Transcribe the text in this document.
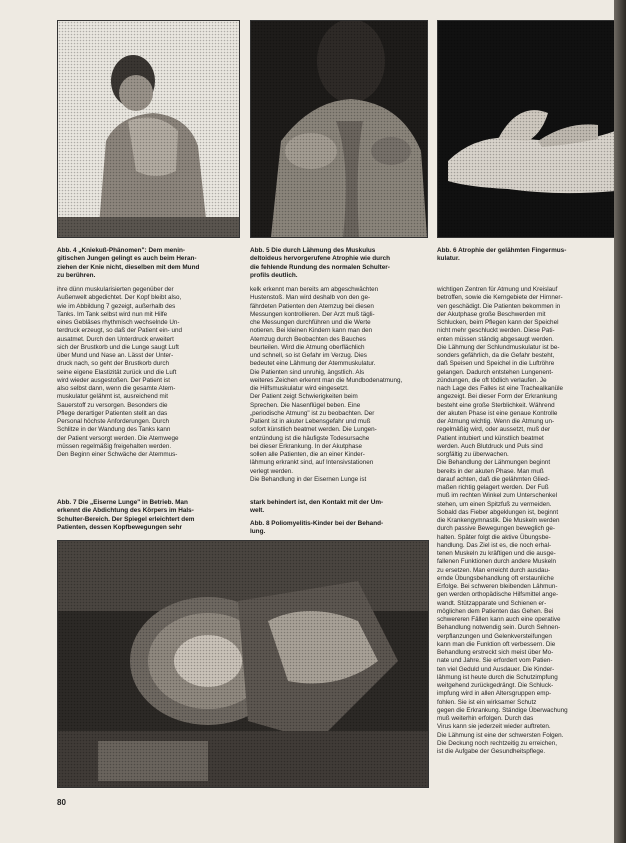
Abb. 4 „Kniekuß-Phänomen": Dem menin-
gitischen Jungen gelingt es auch beim Heran-
ziehen der Knie nicht, dieselben mit dem Mund
zu berühren.
Abb. 5 Die durch Lähmung des Muskulus
deltoideus hervorgerufene Atrophie wie durch
die fehlende Rundung des normalen Schulter-
profils deutlich.
Abb. 6 Atrophie der gelähmten Fingermus-
kulatur.
ihre dünn muskularisierten gegenüber der
Außenwelt abgedichtet. Der Kopf bleibt also,
wie im Abbildung 7 gezeigt, außerhalb des
Tanks. Im Tank selbst wird nun mit Hilfe
eines Gebläses rhythmisch wechselnde Un-
terdruck erzeugt, so daß der Patient ein- und
ausatmet. Durch den Unterdruck erweitert
sich der Brustkorb und die Lunge saugt Luft
über Mund und Nase an. Lässt der Unter-
druck nach, so geht der Brustkorb durch
seine eigene Elastizität zurück und die Luft
wird wieder ausgestoßen. Der Patient ist
also selbst dann, wenn die gesamte Atem-
muskulatur gelähmt ist, ausreichend mit
Sauerstoff zu versorgen. Besonders die
Pflege derartiger Patienten stellt an das
Personal höchste Anforderungen. Durch
Schlitze in der Wandung des Tanks kann
der Patient versorgt werden. Die Atemwege
müssen regelmäßig freigehalten werden.
Den Beginn einer Schwäche der Atemmus-
kelk erkennt man bereits am abgeschwächten
Hustenstoß. Man wird deshalb von den ge-
fährdeten Patienten den Atemzug bei diesen
Messungen kontrollieren. Der Arzt muß tägli-
che Messungen durchführen und die Werte
notieren. Bei kleinen Kindern kann man den
Atemzug durch Beobachten des Bauches
beurteilen. Wird die Atmung oberflächlich
und schnell, so ist Gefahr im Verzug. Dies
bedeutet eine Lähmung der Atemmuskulatur.
Die Patienten sind unruhig, ängstlich. Als
weiteres Zeichen erkennt man die Mundbodenatmung,
die Hilfsmuskulatur wird eingesetzt.
Der Patient zeigt Schwierigkeiten beim
Sprechen. Die Nasenflügel beben. Eine
„periodische Atmung" ist zu beobachten. Der
Patient ist in akuter Lebensgefahr und muß
sofort künstlich beatmet werden. Die Lungen-
entzündung ist die häufigste Todesursache
bei dieser Erkrankung. In der Akutphase
sollen alle Patienten, die an einer Kinder-
lähmung erkrankt sind, auf Intensivstationen
verlegt werden.
Die Behandlung in der Eisernen Lunge ist

wichtigen Zentren für Atmung und Kreislauf
betroffen, sowie die Kerngebiete der Hirnner-
ven geschädigt. Die Patienten bekommen in
der Akutphase große Beschwerden mit
Schlucken, beim Pflegen kann der Speichel
nicht mehr geschluckt werden. Diese Pati-
enten müssen ständig abgesaugt werden.
Die Lähmung der Schlundmuskulatur ist be-
sonders gefährlich, da die Gefahr besteht,
daß Speisen und Speichel in die Luftröhre
gelangen. Dadurch entstehen Lungenent-
zündungen, die oft tödlich verlaufen. Je
nach Lage des Falles ist eine Trachealkanüle
angezeigt. Bei dieser Form der Erkrankung
besteht eine große Sterblichkeit. Während
der akuten Phase ist eine genaue Kontrolle
der Atmung wichtig. Wenn die Atmung un-
regelmäßig wird, oder aussetzt, muß der
Patient intubiert und künstlich beatmet
werden. Auch Blutdruck und Puls sind
sorgfältig zu überwachen.
Die Behandlung der Lähmungen beginnt
bereits in der akuten Phase. Man muß
darauf achten, daß die gelähmten Glied-
maßen richtig gelagert werden. Der Fuß
muß im rechten Winkel zum Unterschenkel
stehen, um einen Spitzfuß zu vermeiden.
Sobald das Fieber abgeklungen ist, beginnt
die Krankengymnastik. Die Muskeln werden
durch passive Bewegungen beweglich ge-
halten. Später folgt die aktive Übungsbe-
handlung. Das Ziel ist es, die noch erhal-
tenen Muskeln zu kräftigen und die ausge-
fallenen Funktionen durch andere Muskeln
zu ersetzen. Man erreicht durch ausdau-
ernde Übungsbehandlung oft erstaunliche
Erfolge. Bei schweren bleibenden Lähmun-
gen werden orthopädische Hilfsmittel ange-
wandt. Stützapparate und Schienen er-
möglichen dem Patienten das Gehen. Bei
schwereren Fällen kann auch eine operative
Behandlung notwendig sein. Durch Sehnen-
verpflanzungen und Gelenkversteifungen
kann man die Funktion oft verbessern. Die
Behandlung erstreckt sich meist über Mo-
nate und Jahre. Sie erfordert vom Patien-
ten viel Geduld und Ausdauer. Die Kinder-
lähmung ist heute durch die Schutzimpfung
weitgehend zurückgedrängt. Die Schluck-
impfung wird in allen Altersgruppen emp-
fohlen. Sie ist ein wirksamer Schutz
gegen die Erkrankung. Ständige Überwachung
muß weiterhin erfolgen. Durch das
Virus kann sie jederzeit wieder auftreten.
Die Lähmung ist eine der schwersten Folgen.
Die Deckung noch rechtzeitig zu erreichen,
ist die Aufgabe der Gesundheitspflege.
Abb. 7 Die „Eiserne Lunge" in Betrieb. Man
erkennt die Abdichtung des Körpers im Hals-
Schulter-Bereich. Der Spiegel erleichtert dem
Patienten, dessen Kopfbewegungen sehr
stark behindert ist, den Kontakt mit der Um-
welt.
Abb. 8 Poliomyelitis-Kinder bei der Behand-
lung.
80
